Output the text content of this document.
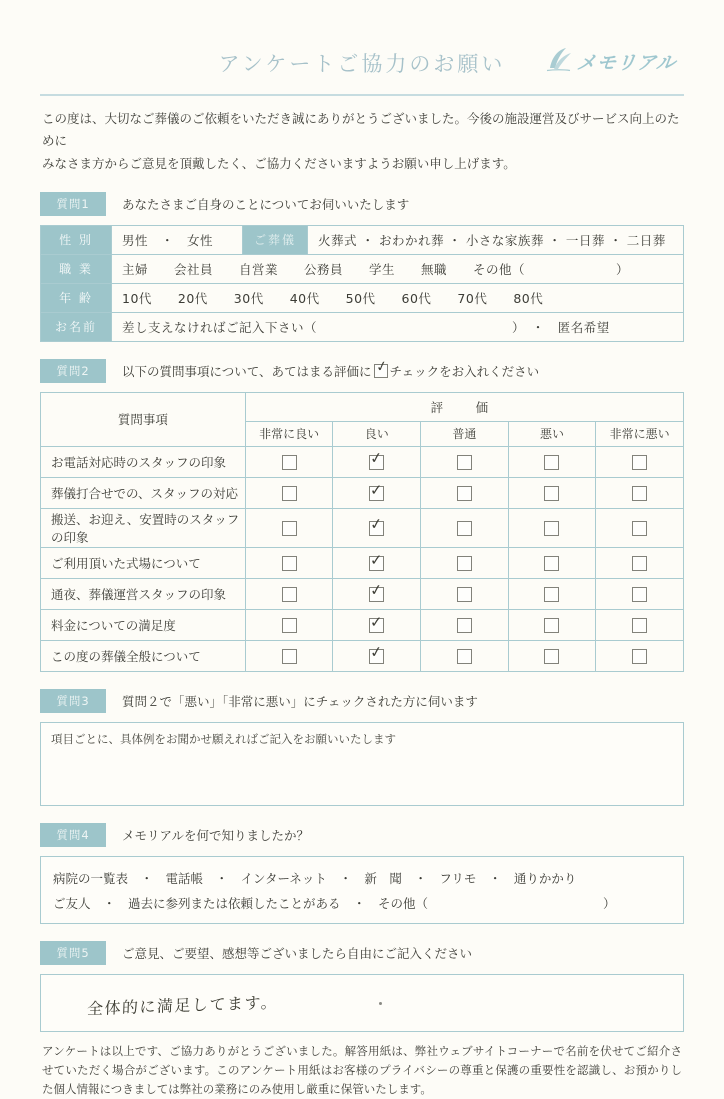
アンケートご協力のお願い	メモリアル
この度は、大切なご葬儀のご依頼をいただき誠にありがとうございました。今後の施設運営及びサービス向上のために
みなさま方からご意見を頂戴したく、ご協力くださいますようお願い申し上げます。
質問1	あなたさまご自身のことについてお伺いいたします
性 別	男性　・　女性	ご葬儀	火葬式 ・ おわかれ葬 ・ 小さな家族葬 ・ 一日葬 ・ 二日葬
職 業	主婦　　会社員　　自営業　　公務員　　学生　　無職　　その他（　　　　　　　）		
年 齢	10代　　20代　　30代　　40代　　50代　　60代　　70代　　80代		
お名前	差し支えなければご記入下さい（　　　　　　　　　　　　　　　）　・　匿名希望		
質問2	以下の質問事項について、あてはまる評価に ✓ チェックをお入れください
質問事項	評　価				
	非常に良い	良い	普通	悪い	非常に悪い
お電話対応時のスタッフの印象		✓			
葬儀打合せでの、スタッフの対応		✓			
搬送、お迎え、安置時のスタッフの印象		✓			
ご利用頂いた式場について		✓			
通夜、葬儀運営スタッフの印象		✓			
料金についての満足度		✓			
この度の葬儀全般について		✓			
質問3	質問２で「悪い」「非常に悪い」にチェックされた方に伺います
項目ごとに、具体例をお聞かせ願えればご記入をお願いいたします
質問4	メモリアルを何で知りましたか？
病院の一覧表　・　電話帳　・　インターネット　・　新　聞　・　フリモ　・　通りかかり
ご友人　・　過去に参列または依頼したことがある　・　その他（　　　　　　　　　　　　　　）
質問5	ご意見、ご要望、感想等ございましたら自由にご記入ください
全体的に満足してます。
アンケートは以上です、ご協力ありがとうございました。解答用紙は、弊社ウェブサイトコーナーで名前を伏せてご紹介させていただく場合がございます。このアンケート用紙はお客様のプライバシーの尊重と保護の重要性を認識し、お預かりした個人情報につきましては弊社の業務にのみ使用し厳重に保管いたします。
